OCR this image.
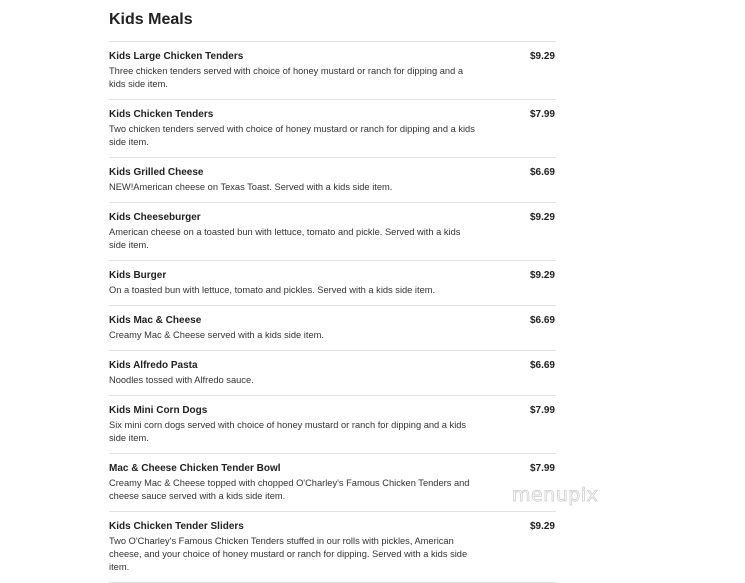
Kids Meals
Kids Large Chicken Tenders	$9.29
Three chicken tenders served with choice of honey mustard or ranch for dipping and a kids side item.
Kids Chicken Tenders	$7.99
Two chicken tenders served with choice of honey mustard or ranch for dipping and a kids side item.
Kids Grilled Cheese	$6.69
NEW!American cheese on Texas Toast. Served with a kids side item.
Kids Cheeseburger	$9.29
American cheese on a toasted bun with lettuce, tomato and pickle. Served with a kids side item.
Kids Burger	$9.29
On a toasted bun with lettuce, tomato and pickles. Served with a kids side item.
Kids Mac & Cheese	$6.69
Creamy Mac & Cheese served with a kids side item.
Kids Alfredo Pasta	$6.69
Noodles tossed with Alfredo sauce.
Kids Mini Corn Dogs	$7.99
Six mini corn dogs served with choice of honey mustard or ranch for dipping and a kids side item.
Mac & Cheese Chicken Tender Bowl	$7.99
Creamy Mac & Cheese topped with chopped O'Charley's Famous Chicken Tenders and cheese sauce served with a kids side item.
Kids Chicken Tender Sliders	$9.29
Two O'Charley's Famous Chicken Tenders stuffed in our rolls with pickles, American cheese, and your choice of honey mustard or ranch for dipping. Served with a kids side item.
menupix
